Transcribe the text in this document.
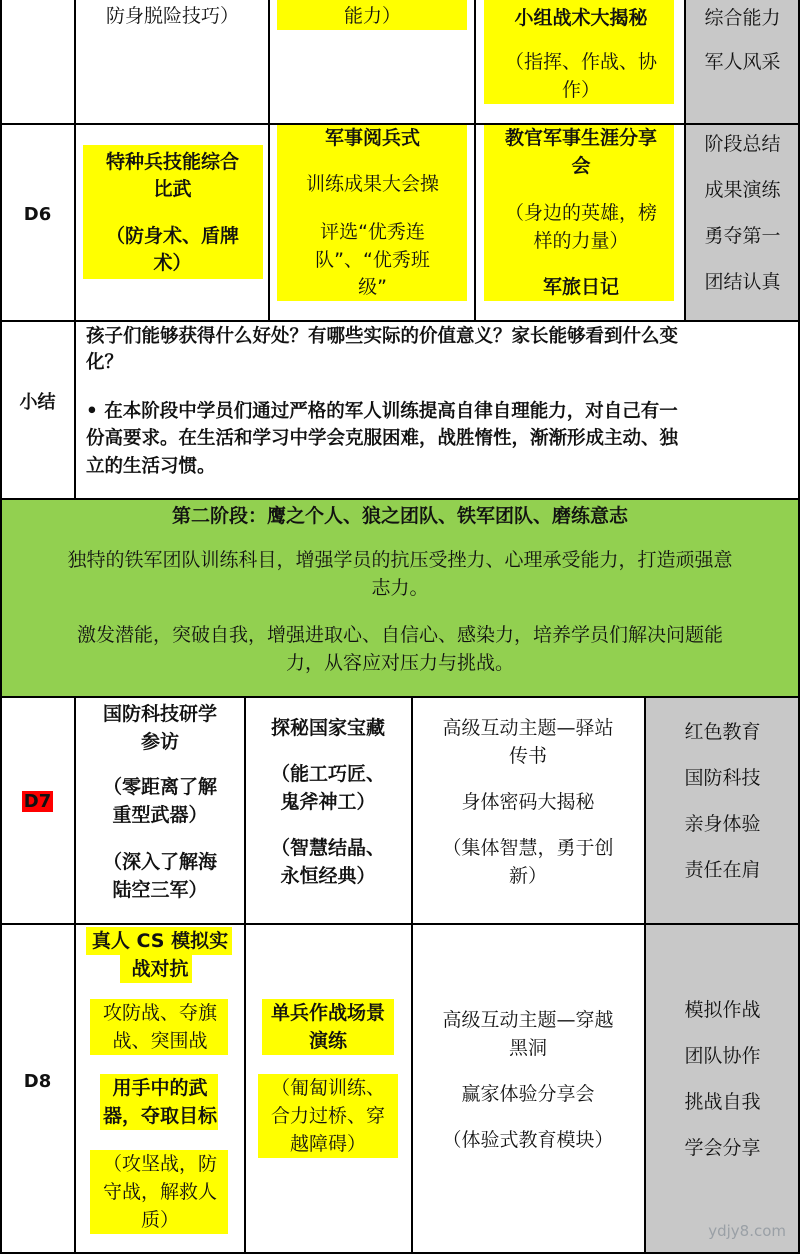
防身脱险技巧）	能力）	小组战术大揭秘
（指挥、作战、协
作）
综合能力
军人风采
D6
特种兵技能综合
比武
（防身术、盾牌
术）
军事阅兵式
训练成果大会操
评选“优秀连
队”、“优秀班
级”
教官军事生涯分享
会
（身边的英雄，榜
样的力量）
军旅日记
阶段总结
成果演练
勇夺第一
团结认真
小结
孩子们能够获得什么好处？有哪些实际的价值意义？家长能够看到什么变
化？
• 在本阶段中学员们通过严格的军人训练提高自律自理能力，对自己有一
份高要求。在生活和学习中学会克服困难，战胜惰性，渐渐形成主动、独
立的生活习惯。
第二阶段：鹰之个人、狼之团队、铁军团队、磨练意志
独特的铁军团队训练科目，增强学员的抗压受挫力、心理承受能力，打造顽强意
志力。
激发潜能，突破自我，增强进取心、自信心、感染力，培养学员们解决问题能
力，从容应对压力与挑战。
D7
国防科技研学
参访
（零距离了解
重型武器）
（深入了解海
陆空三军）
探秘国家宝藏
（能工巧匠、
鬼斧神工）
（智慧结晶、
永恒经典）
高级互动主题—驿站
传书
身体密码大揭秘
（集体智慧，勇于创
新）
红色教育
国防科技
亲身体验
责任在肩
D8
真人 CS 模拟实
战对抗
攻防战、夺旗
战、突围战
用手中的武
器，夺取目标
（攻坚战，防
守战，解救人
质）
单兵作战场景
演练
（匍匐训练、
合力过桥、穿
越障碍）
高级互动主题—穿越
黑洞
赢家体验分享会
（体验式教育模块）
模拟作战
团队协作
挑战自我
学会分享
ydjy8.com
